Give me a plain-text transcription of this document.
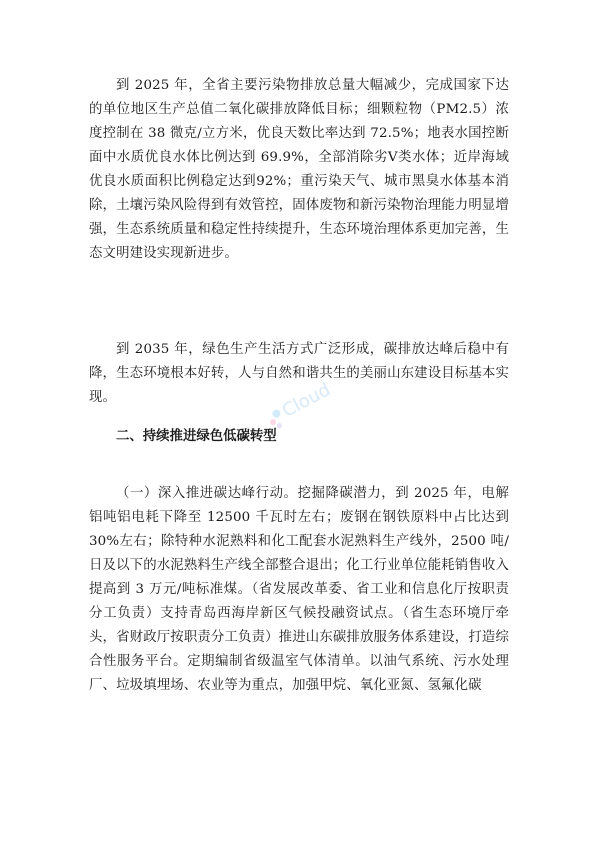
到 2025 年，全省主要污染物排放总量大幅减少，完成国家下达的单位地区生产总值二氧化碳排放降低目标；细颗粒物（PM2.5）浓度控制在 38 微克/立方米，优良天数比率达到 72.5%；地表水国控断面中水质优良水体比例达到 69.9%，全部消除劣Ⅴ类水体；近岸海域优良水质面积比例稳定达到92%；重污染天气、城市黑臭水体基本消除，土壤污染风险得到有效管控，固体废物和新污染物治理能力明显增强，生态系统质量和稳定性持续提升，生态环境治理体系更加完善，生态文明建设实现新进步。

到 2035 年，绿色生产生活方式广泛形成，碳排放达峰后稳中有降，生态环境根本好转，人与自然和谐共生的美丽山东建设目标基本实现。	Cloud

二、持续推进绿色低碳转型

（一）深入推进碳达峰行动。挖掘降碳潜力，到 2025 年，电解铝吨铝电耗下降至 12500 千瓦时左右；废钢在钢铁原料中占比达到 30%左右；除特种水泥熟料和化工配套水泥熟料生产线外，2500 吨/日及以下的水泥熟料生产线全部整合退出；化工行业单位能耗销售收入提高到 3 万元/吨标准煤。（省发展改革委、省工业和信息化厅按职责分工负责）支持青岛西海岸新区气候投融资试点。（省生态环境厅牵头，省财政厅按职责分工负责）推进山东碳排放服务体系建设，打造综合性服务平台。定期编制省级温室气体清单。以油气系统、污水处理厂、垃圾填埋场、农业等为重点，加强甲烷、氧化亚氮、氢氟化碳
